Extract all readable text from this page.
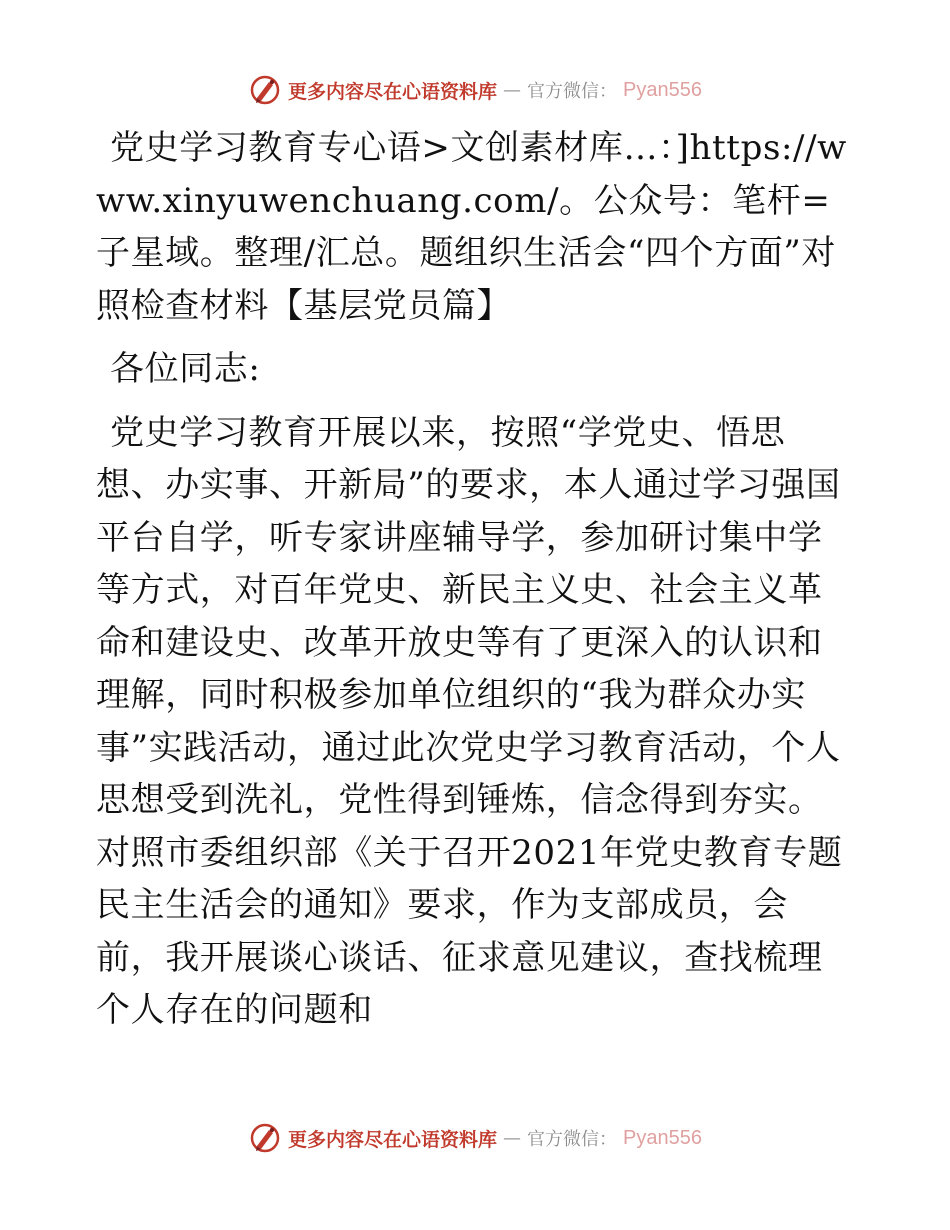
更多内容尽在心语资料库 — 官方微信： Pyan556

党史学习教育专心语>文创素材库…：]https://www.xinyuwenchuang.com/。公众号：笔杆=子星域。整理/汇总。题组织生活会“四个方面”对照检查材料【基层党员篇】

各位同志:

党史学习教育开展以来，按照“学党史、悟思想、办实事、开新局”的要求，本人通过学习强国平台自学，听专家讲座辅导学，参加研讨集中学等方式，对百年党史、新民主义史、社会主义革命和建设史、改革开放史等有了更深入的认识和理解，同时积极参加单位组织的“我为群众办实事”实践活动，通过此次党史学习教育活动，个人思想受到洗礼，党性得到锤炼，信念得到夯实。对照市委组织部《关于召开2021年党史教育专题民主生活会的通知》要求，作为支部成员，会前，我开展谈心谈话、征求意见建议，查找梳理个人存在的问题和

更多内容尽在心语资料库 — 官方微信： Pyan556
